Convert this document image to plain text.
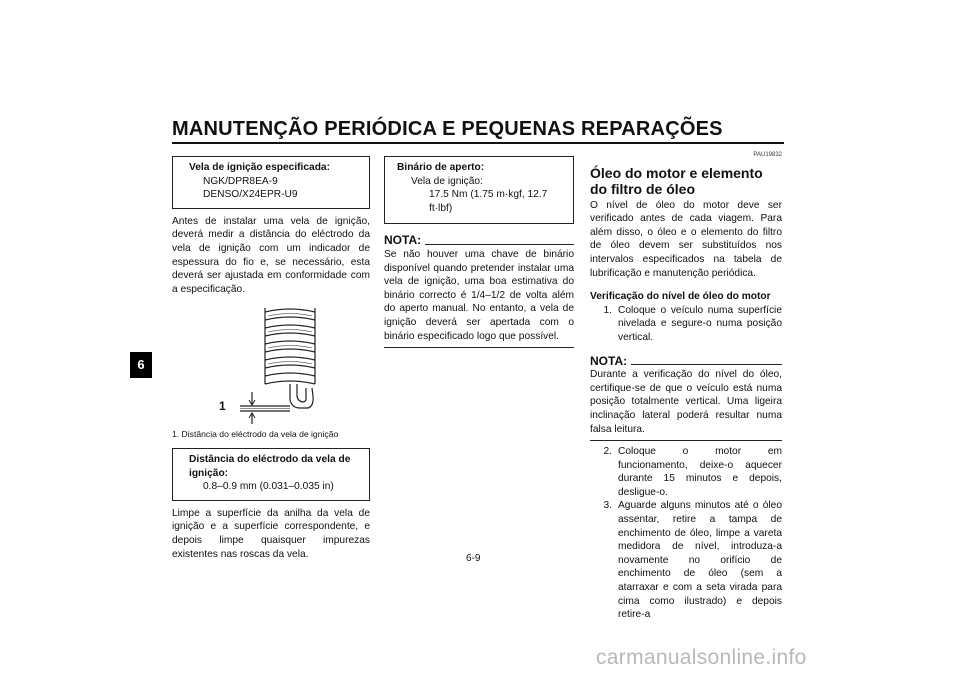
MANUTENÇÃO PERIÓDICA E PEQUENAS REPARAÇÕES
6
Vela de ignição especificada:
NGK/DPR8EA-9
DENSO/X24EPR-U9

Antes de instalar uma vela de ignição, deverá medir a distância do eléctrodo da vela de ignição com um indicador de espessura do fio e, se necessário, esta deverá ser ajustada em conformidade com a especificação.

1
1. Distância do eléctrodo da vela de ignição
Distância do eléctrodo da vela de ignição:
0.8–0.9 mm (0.031–0.035 in)

Limpe a superfície da anilha da vela de ignição e a superfície correspondente, e depois limpe quaisquer impurezas existentes nas roscas da vela.

Binário de aperto:
Vela de ignição:
17.5 Nm (1.75 m·kgf, 12.7 ft·lbf)
NOTA:

Se não houver uma chave de binário disponível quando pretender instalar uma vela de ignição, uma boa estimativa do binário correcto é 1/4–1/2 de volta além do aperto manual. No entanto, a vela de ignição deverá ser apertada com o binário especificado logo que possível.

PAU19832
Óleo do motor e elemento do filtro de óleo

O nível de óleo do motor deve ser verificado antes de cada viagem. Para além disso, o óleo e o elemento do filtro de óleo devem ser substituídos nos intervalos especificados na tabela de lubrificação e manutenção periódica.

Verificação do nível de óleo do motor
1. Coloque o veículo numa superfície nivelada e segure-o numa posição vertical.
NOTA:

Durante a verificação do nível do óleo, certifique-se de que o veículo está numa posição totalmente vertical. Uma ligeira inclinação lateral poderá resultar numa falsa leitura.

2. Coloque o motor em funcionamento, deixe-o aquecer durante 15 minutos e depois, desligue-o.
3. Aguarde alguns minutos até o óleo assentar, retire a tampa de enchimento de óleo, limpe a vareta medidora de nível, introduza-a novamente no orifício de enchimento de óleo (sem a atarraxar e com a seta virada para cima como ilustrado) e depois retire-a
6-9
carmanualsonline.info
